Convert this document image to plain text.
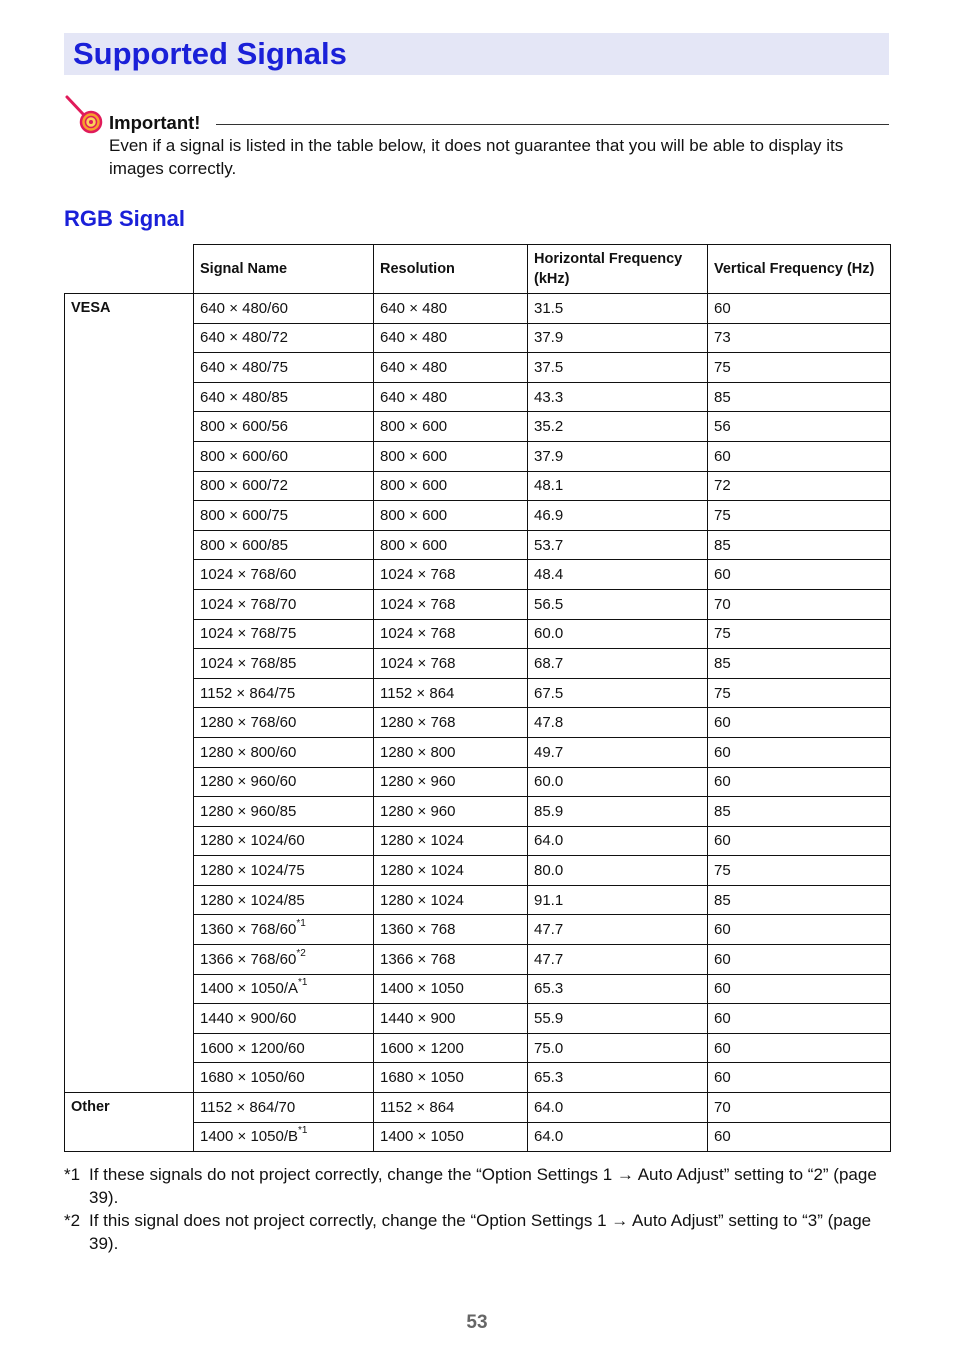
Supported Signals
Important!
Even if a signal is listed in the table below, it does not guarantee that you will be able to display its images correctly.
RGB Signal
	Signal Name	Resolution	Horizontal Frequency (kHz)	Vertical Frequency (Hz)
VESA	640 × 480/60	640 × 480	31.5	60
	640 × 480/72	640 × 480	37.9	73
	640 × 480/75	640 × 480	37.5	75
	640 × 480/85	640 × 480	43.3	85
	800 × 600/56	800 × 600	35.2	56
	800 × 600/60	800 × 600	37.9	60
	800 × 600/72	800 × 600	48.1	72
	800 × 600/75	800 × 600	46.9	75
	800 × 600/85	800 × 600	53.7	85
	1024 × 768/60	1024 × 768	48.4	60
	1024 × 768/70	1024 × 768	56.5	70
	1024 × 768/75	1024 × 768	60.0	75
	1024 × 768/85	1024 × 768	68.7	85
	1152 × 864/75	1152 × 864	67.5	75
	1280 × 768/60	1280 × 768	47.8	60
	1280 × 800/60	1280 × 800	49.7	60
	1280 × 960/60	1280 × 960	60.0	60
	1280 × 960/85	1280 × 960	85.9	85
	1280 × 1024/60	1280 × 1024	64.0	60
	1280 × 1024/75	1280 × 1024	80.0	75
	1280 × 1024/85	1280 × 1024	91.1	85
	1360 × 768/60$^{*1}$	1360 × 768	47.7	60
	1366 × 768/60$^{*2}$	1366 × 768	47.7	60
	1400 × 1050/A$^{*1}$	1400 × 1050	65.3	60
	1440 × 900/60	1440 × 900	55.9	60
	1600 × 1200/60	1600 × 1200	75.0	60
	1680 × 1050/60	1680 × 1050	65.3	60
Other	1152 × 864/70	1152 × 864	64.0	70
	1400 × 1050/B$^{*1}$	1400 × 1050	64.0	60
*1 If these signals do not project correctly, change the “Option Settings 1 → Auto Adjust” setting to “2” (page 39).
*2 If this signal does not project correctly, change the “Option Settings 1 → Auto Adjust” setting to “3” (page 39).
53
